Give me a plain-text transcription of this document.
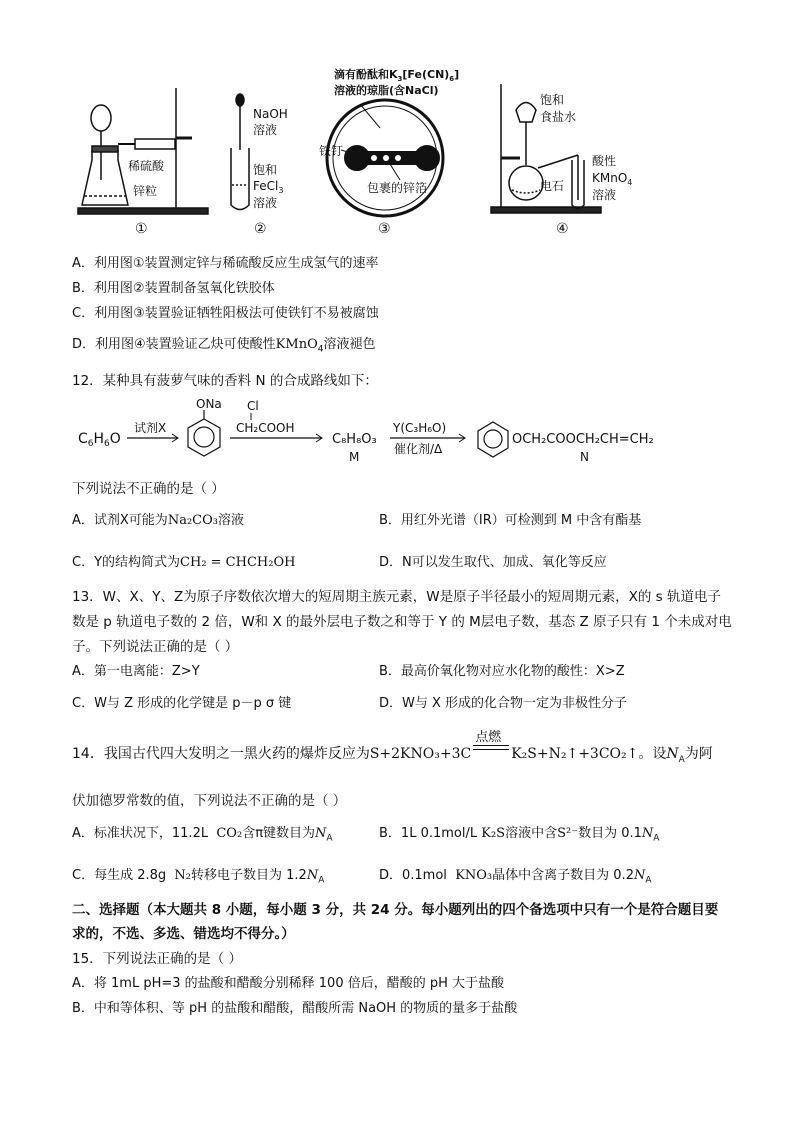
稀硫酸
锌粒
①
NaOH
溶液
饱和
FeCl$_3$
溶液
②
滴有酚酞和$K_3[Fe(CN)_6]$
溶液的琼脂(含NaCl)
铁钉
包裹的锌箔
③
饱和
食盐水
电石
酸性
KMnO$_4$
溶液
④
A．利用图①装置测定锌与稀硫酸反应生成氢气的速率
B．利用图②装置制备氢氧化铁胶体
C．利用图③装置验证牺牲阳极法可使铁钉不易被腐蚀
D．利用图④装置验证乙炔可使酸性KMnO$_4$溶液褪色
12．某种具有菠萝气味的香料 N 的合成路线如下：
$C_6H_6O$
试剂X
ONa Cl
CH₂COOH
C₈H₈O₃
M
Y(C₃H₆O)
催化剂/Δ
OCH₂COOCH₂CH=CH₂
N
下列说法不正确的是（ ）
A．试剂X可能为Na₂CO₃溶液	B．用红外光谱（IR）可检测到 M 中含有酯基
C．Y的结构简式为CH₂ = CHCH₂OH	D．N可以发生取代、加成、氧化等反应
13．W、X、Y、Z为原子序数依次增大的短周期主族元素，W是原子半径最小的短周期元素，X的 s 轨道电子
数是 p 轨道电子数的 2 倍，W和 X 的最外层电子数之和等于 Y 的 M层电子数，基态 Z 原子只有 1 个未成对电
子。下列说法正确的是（ ）
A．第一电离能：Z>Y	B．最高价氧化物对应水化物的酸性：X>Z
C．W与 Z 形成的化学键是 p－p σ 键	D．W与 X 形成的化合物一定为非极性分子
14．我国古代四大发明之一黑火药的爆炸反应为S+2KNO₃+3C
点燃
K₂S+N₂↑+3CO₂↑。设$N_A$为阿
伏加德罗常数的值，下列说法不正确的是（ ）
A．标准状况下，11.2L CO₂含π键数目为$N_A$	B．1L 0.1mol/L K₂S溶液中含S²⁻数目为 $0.1N_A$
C．每生成 2.8g N₂转移电子数目为 $1.2N_A$	D．0.1mol KNO₃晶体中含离子数目为 $0.2N_A$
二、选择题（本大题共 8 小题，每小题 3 分，共 24 分。每小题列出的四个备选项中只有一个是符合题目要
求的，不选、多选、错选均不得分。）
15．下列说法正确的是（ ）
A．将 1mL pH=3 的盐酸和醋酸分别稀释 100 倍后，醋酸的 pH 大于盐酸
B．中和等体积、等 pH 的盐酸和醋酸，醋酸所需 NaOH 的物质的量多于盐酸
